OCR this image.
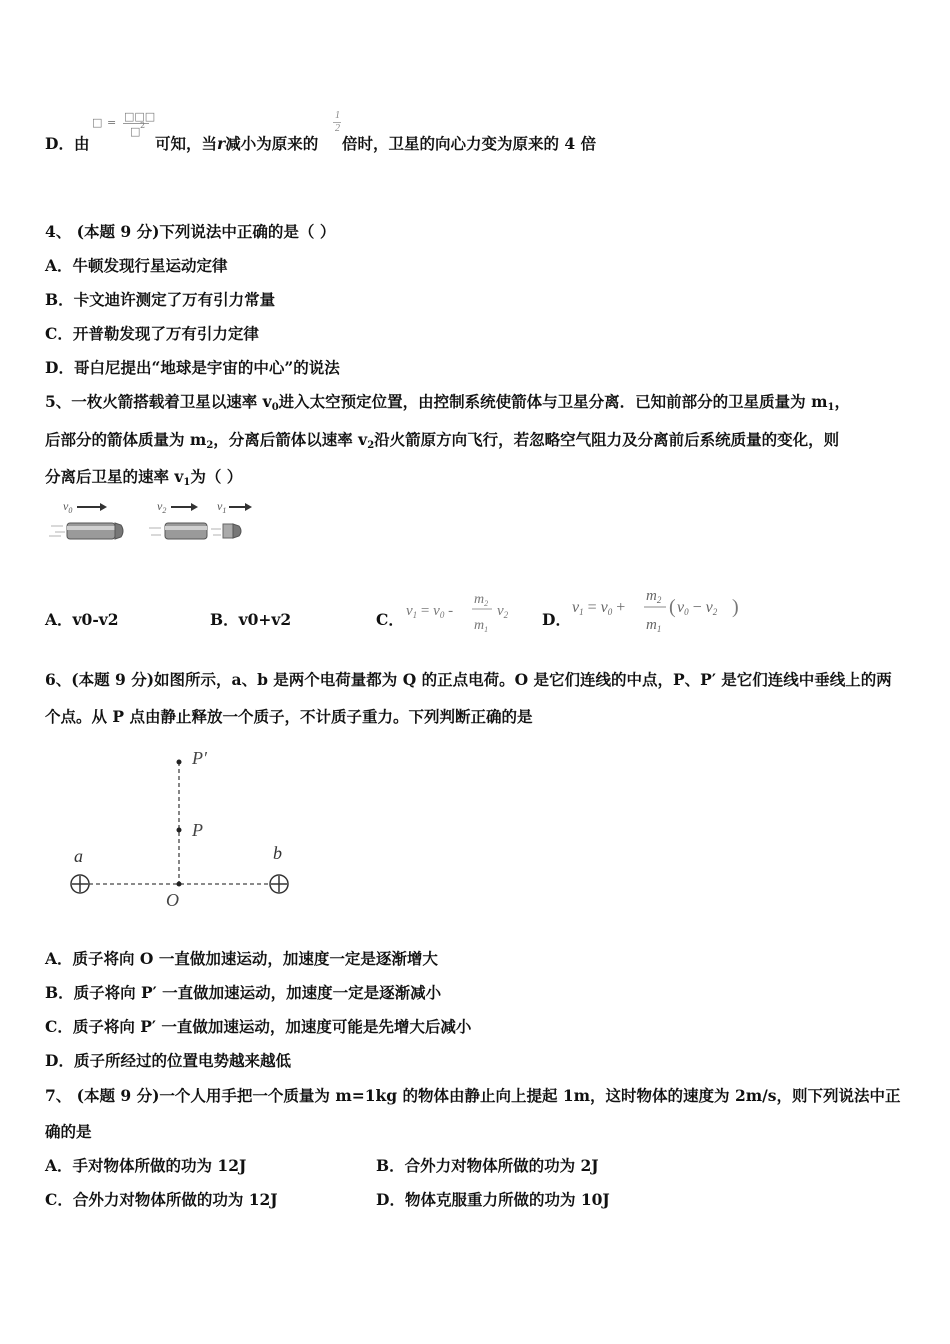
D．由
□ = □□□
□ 2
可知，当r减小为原来的
1
2
倍时，卫星的向心力变为原来的 4 倍
4、 (本题 9 分)下列说法中正确的是（ ）
A．牛顿发现行星运动定律
B．卡文迪许测定了万有引力常量
C．开普勒发现了万有引力定律
D．哥白尼提出“地球是宇宙的中心”的说法
5、一枚火箭搭载着卫星以速率 v0进入太空预定位置，由控制系统使箭体与卫星分离．已知前部分的卫星质量为 m1，
后部分的箭体质量为 m2，分离后箭体以速率 v2沿火箭原方向飞行，若忽略空气阻力及分离前后系统质量的变化，则
分离后卫星的速率 v1为（ ）
$v_0$	$v_2$	$v_1$
A．v0-v2	B．v0+v2	C． $v_1 = v_0$ -
$m_2$
$m_1$
$v_2$ D．
v1 = v0 +
$m_2$
$m_1$
( v0 − v2 )
6、(本题 9 分)如图所示，a、b 是两个电荷量都为 Q 的正点电荷。O 是它们连线的中点，P、P′ 是它们连线中垂线上的两
个点。从 P 点由静止释放一个质子，不计质子重力。下列判断正确的是
P′
P
O
a	b
A．质子将向 O 一直做加速运动，加速度一定是逐渐增大
B．质子将向 P′ 一直做加速运动，加速度一定是逐渐减小
C．质子将向 P′ 一直做加速运动，加速度可能是先增大后减小
D．质子所经过的位置电势越来越低
7、 (本题 9 分)一个人用手把一个质量为 m=1kg 的物体由静止向上提起 1m，这时物体的速度为 2m/s，则下列说法中正
确的是
A．手对物体所做的功为 12J	B．合外力对物体所做的功为 2J
C．合外力对物体所做的功为 12J	D．物体克服重力所做的功为 10J
